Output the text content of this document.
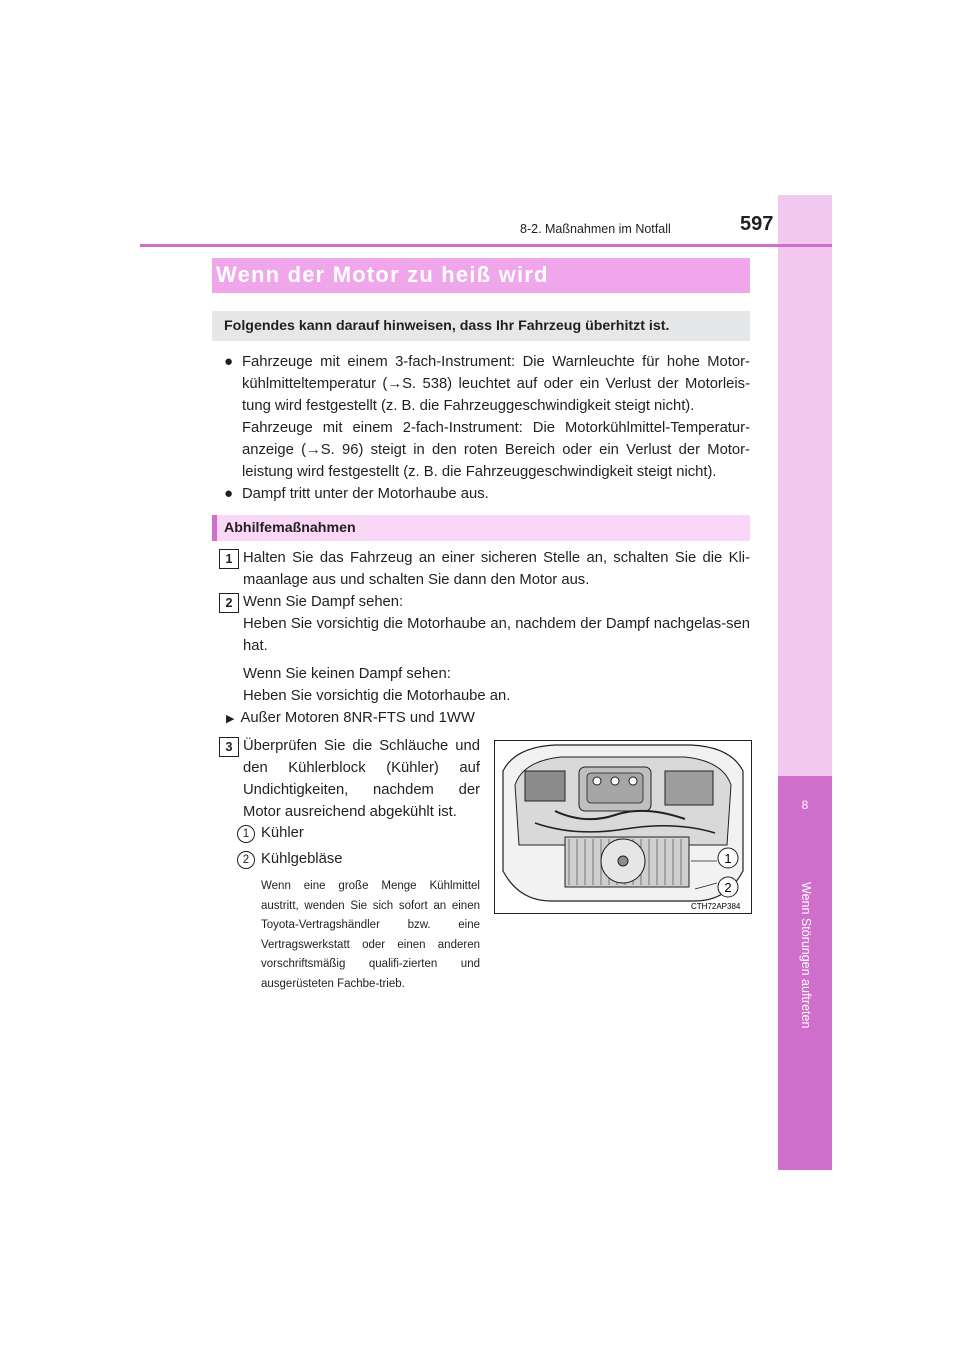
8
Wenn Störungen auftreten
8-2. Maßnahmen im Notfall	597
Wenn der Motor zu heiß wird
Folgendes kann darauf hinweisen, dass Ihr Fahrzeug überhitzt ist.
● Fahrzeuge mit einem 3-fach-Instrument: Die Warnleuchte für hohe Motor-kühlmitteltemperatur (→S. 538) leuchtet auf oder ein Verlust der Motorleis-tung wird festgestellt (z. B. die Fahrzeuggeschwindigkeit steigt nicht).
Fahrzeuge mit einem 2-fach-Instrument: Die Motorkühlmittel-Temperatur-anzeige (→S. 96) steigt in den roten Bereich oder ein Verlust der Motor-leistung wird festgestellt (z. B. die Fahrzeuggeschwindigkeit steigt nicht).
● Dampf tritt unter der Motorhaube aus.
Abhilfemaßnahmen
1 Halten Sie das Fahrzeug an einer sicheren Stelle an, schalten Sie die Kli-maanlage aus und schalten Sie dann den Motor aus.
2 Wenn Sie Dampf sehen:
Heben Sie vorsichtig die Motorhaube an, nachdem der Dampf nachgelas-sen hat.
Wenn Sie keinen Dampf sehen:
Heben Sie vorsichtig die Motorhaube an.
▶ Außer Motoren 8NR-FTS und 1WW
3 Überprüfen Sie die Schläuche und den Kühlerblock (Kühler) auf Undichtigkeiten, nachdem der Motor ausreichend abgekühlt ist.
1 Kühler
2 Kühlgebläse
Wenn eine große Menge Kühlmittel austritt, wenden Sie sich sofort an einen Toyota-Vertragshändler bzw. eine Vertragswerkstatt oder einen anderen vorschriftsmäßig qualifi-zierten und ausgerüsteten Fachbe-trieb.
1
2
CTH72AP384
